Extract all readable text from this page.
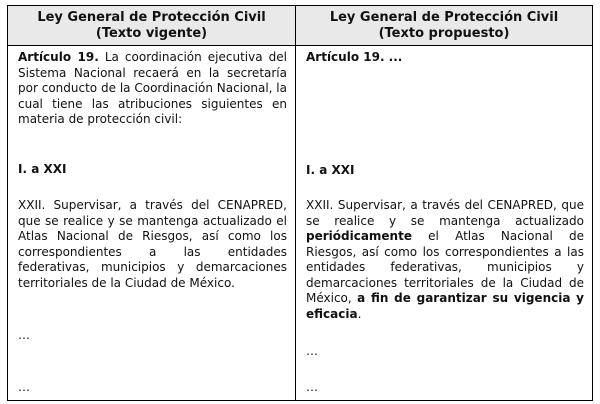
Ley General de Protección Civil
(Texto vigente)
Ley General de Protección Civil
(Texto propuesto)
Artículo 19. La coordinación ejecutiva del Sistema Nacional recaerá en la secretaría por conducto de la Coordinación Nacional, la cual tiene las atribuciones siguientes en materia de protección civil:
I. a XXI
XXII. Supervisar, a través del CENAPRED, que se realice y se mantenga actualizado el Atlas Nacional de Riesgos, así como los correspondientes a las entidades federativas, municipios y demarcaciones territoriales de la Ciudad de México.
…
…
Artículo 19. ...
I. a XXI
XXII. Supervisar, a través del CENAPRED, que se realice y se mantenga actualizado periódicamente el Atlas Nacional de Riesgos, así como los correspondientes a las entidades federativas, municipios y demarcaciones territoriales de la Ciudad de México, a fin de garantizar su vigencia y eficacia.
…
…
